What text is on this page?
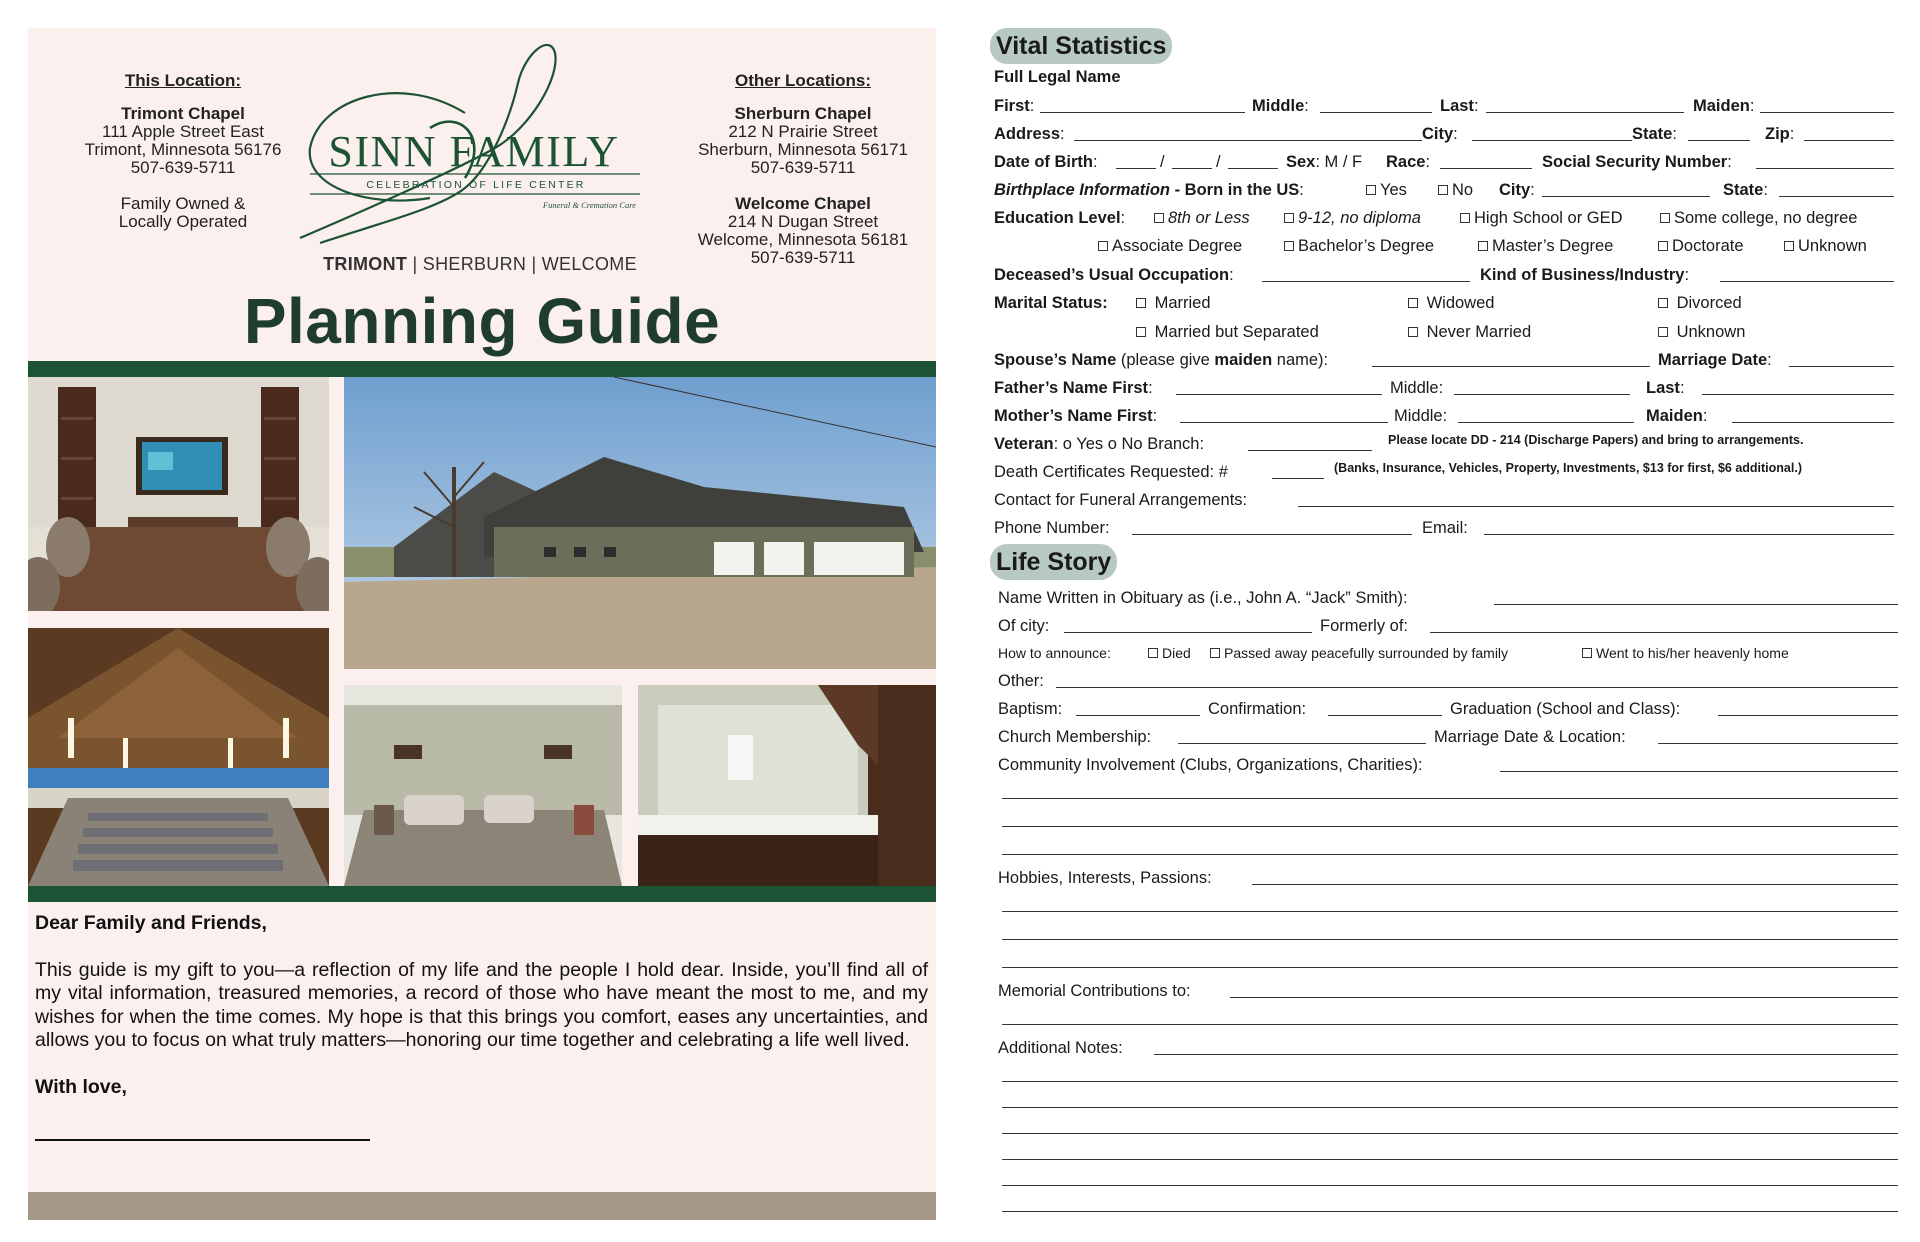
This Location:
Trimont Chapel
111 Apple Street East
Trimont, Minnesota 56176
507-639-5711
Family Owned &
Locally Operated
Other Locations:
Sherburn Chapel
212 N Prairie Street
Sherburn, Minnesota 56171
507-639-5711
Welcome Chapel
214 N Dugan Street
Welcome, Minnesota 56181
507-639-5711
SINN FAMILY
CELEBRATION OF LIFE CENTER
Funeral & Cremation Care
TRIMONT | SHERBURN | WELCOME
Planning Guide
Dear Family and Friends,
This guide is my gift to you—a reflection of my life and the people I hold dear. Inside, you’ll find all of my vital information, treasured memories, a record of those who have meant the most to me, and my wishes for when the time comes. My hope is that this brings you comfort, eases any uncertainties, and allows you to focus on what truly matters—honoring our time together and celebrating a life well lived.
With love,
Vital Statistics
Full Legal Name
First:	Middle:	Last:	Maiden:
Address:	City:	State:	Zip:
Date of Birth:	/	/	Sex: M / F Race:	Social Security Number:
Birthplace Information - Born in the US:	Yes	No City:	State:
Education Level:	8th or Less	9-12, no diploma	High School or GED	Some college, no degree
Associate Degree	Bachelor’s Degree	Master’s Degree	Doctorate	Unknown
Deceased’s Usual Occupation:	Kind of Business/Industry:
Marital Status:	Married	Widowed	Divorced
Married but Separated	Never Married	Unknown
Spouse’s Name (please give maiden name):	Marriage Date:
Father’s Name First:	Middle:	Last:
Mother’s Name First:	Middle:	Maiden:
Veteran: o Yes o No Branch:	Please locate DD - 214 (Discharge Papers) and bring to arrangements.
Death Certificates Requested: #	(Banks, Insurance, Vehicles, Property, Investments, $13 for first, $6 additional.)
Contact for Funeral Arrangements:
Phone Number:	Email:
Life Story
Name Written in Obituary as (i.e., John A. “Jack” Smith):
Of city:	Formerly of:
How to announce:	Died	Passed away peacefully surrounded by family	Went to his/her heavenly home
Other:
Baptism:	Confirmation:	Graduation (School and Class):
Church Membership:	Marriage Date & Location:
Community Involvement (Clubs, Organizations, Charities):
Hobbies, Interests, Passions:
Memorial Contributions to:
Additional Notes:
